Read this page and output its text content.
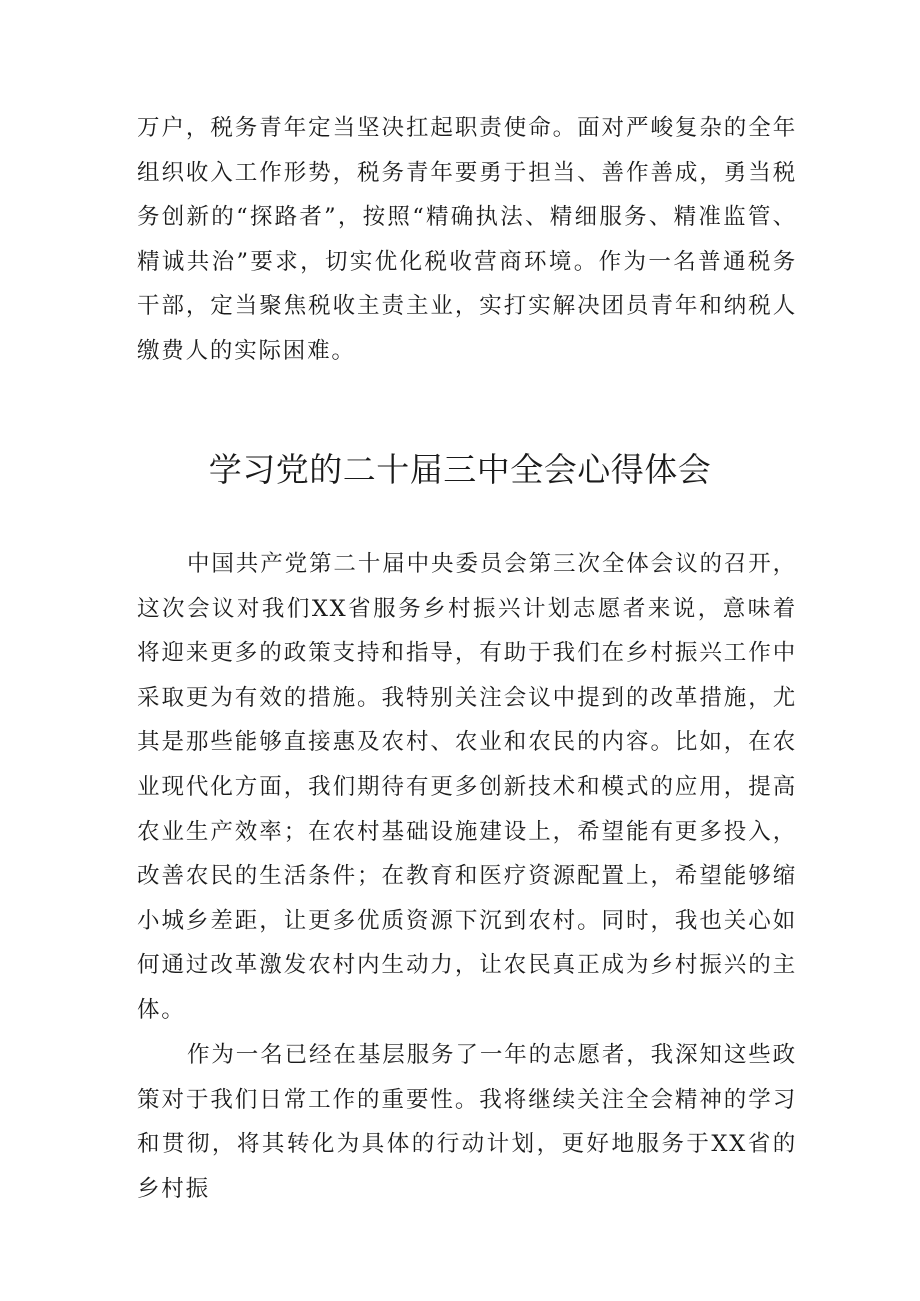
万户，税务青年定当坚决扛起职责使命。面对严峻复杂的全年组织收入工作形势，税务青年要勇于担当、善作善成，勇当税务创新的“探路者”，按照“精确执法、精细服务、精准监管、精诚共治”要求，切实优化税收营商环境。作为一名普通税务干部，定当聚焦税收主责主业，实打实解决团员青年和纳税人缴费人的实际困难。

学习党的二十届三中全会心得体会

中国共产党第二十届中央委员会第三次全体会议的召开，这次会议对我们XX省服务乡村振兴计划志愿者来说，意味着将迎来更多的政策支持和指导，有助于我们在乡村振兴工作中采取更为有效的措施。我特别关注会议中提到的改革措施，尤其是那些能够直接惠及农村、农业和农民的内容。比如，在农业现代化方面，我们期待有更多创新技术和模式的应用，提高农业生产效率；在农村基础设施建设上，希望能有更多投入，改善农民的生活条件；在教育和医疗资源配置上，希望能够缩小城乡差距，让更多优质资源下沉到农村。同时，我也关心如何通过改革激发农村内生动力，让农民真正成为乡村振兴的主体。

作为一名已经在基层服务了一年的志愿者，我深知这些政策对于我们日常工作的重要性。我将继续关注全会精神的学习和贯彻，将其转化为具体的行动计划，更好地服务于XX省的乡村振
